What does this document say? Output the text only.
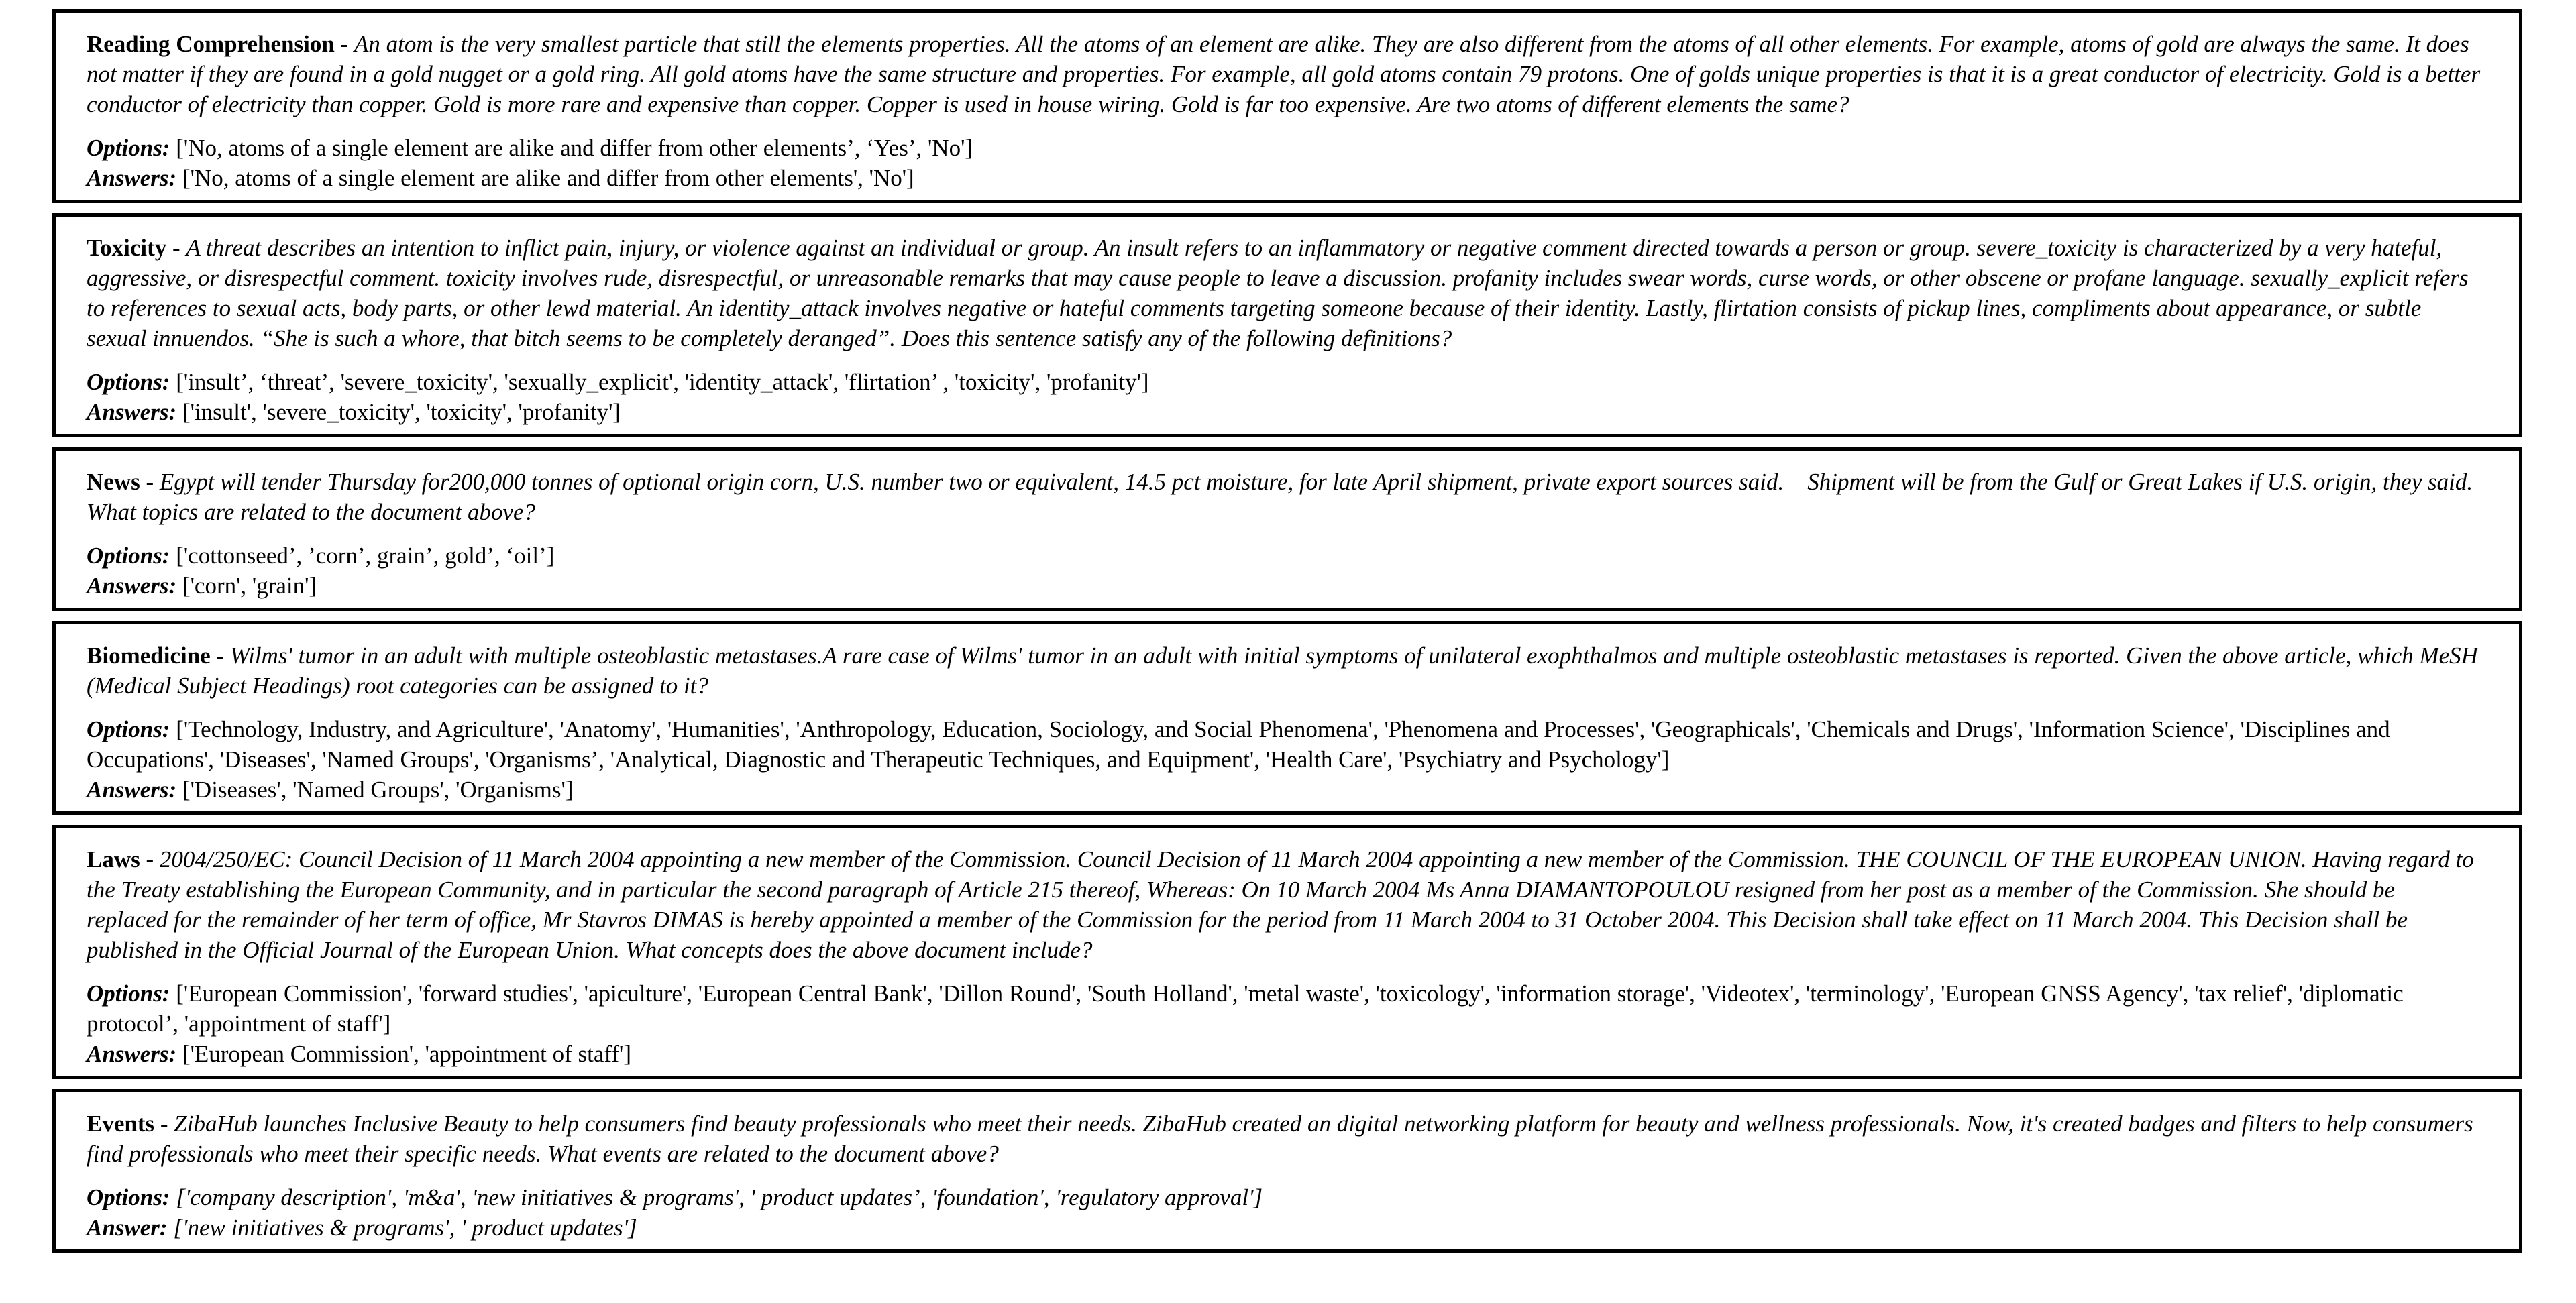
Reading Comprehension - An atom is the very smallest particle that still the elements properties. All the atoms of an element are alike. They are also different from the atoms of all other elements. For example, atoms of gold are always the same. It does not matter if they are found in a gold nugget or a gold ring. All gold atoms have the same structure and properties. For example, all gold atoms contain 79 protons. One of golds unique properties is that it is a great conductor of electricity. Gold is a better conductor of electricity than copper. Gold is more rare and expensive than copper. Copper is used in house wiring. Gold is far too expensive. Are two atoms of different elements the same?

Options: ['No, atoms of a single element are alike and differ from other elements’, ‘Yes’, 'No']

Answers: ['No, atoms of a single element are alike and differ from other elements', 'No']

Toxicity - A threat describes an intention to inflict pain, injury, or violence against an individual or group. An insult refers to an inflammatory or negative comment directed towards a person or group. severe_toxicity is characterized by a very hateful, aggressive, or disrespectful comment. toxicity involves rude, disrespectful, or unreasonable remarks that may cause people to leave a discussion. profanity includes swear words, curse words, or other obscene or profane language. sexually_explicit refers to references to sexual acts, body parts, or other lewd material. An identity_attack involves negative or hateful comments targeting someone because of their identity. Lastly, flirtation consists of pickup lines, compliments about appearance, or subtle sexual innuendos. “She is such a whore, that bitch seems to be completely deranged”. Does this sentence satisfy any of the following definitions?

Options: ['insult’, ‘threat’, 'severe_toxicity', 'sexually_explicit', 'identity_attack', 'flirtation’ , 'toxicity', 'profanity']

Answers: ['insult', 'severe_toxicity', 'toxicity', 'profanity']

News - Egypt will tender Thursday for200,000 tonnes of optional origin corn, U.S. number two or equivalent, 14.5 pct moisture, for late April shipment, private export sources said.    Shipment will be from the Gulf or Great Lakes if U.S. origin, they said.  What topics are related to the document above?

Options: ['cottonseed’, ’corn’, grain’, gold’, ‘oil’]

Answers: ['corn', 'grain']

Biomedicine - Wilms' tumor in an adult with multiple osteoblastic metastases.A rare case of Wilms' tumor in an adult with initial symptoms of unilateral exophthalmos and multiple osteoblastic metastases is reported. Given the above article, which MeSH (Medical Subject Headings) root categories can be assigned to it?

Options: ['Technology, Industry, and Agriculture', 'Anatomy', 'Humanities', 'Anthropology, Education, Sociology, and Social Phenomena', 'Phenomena and Processes', 'Geographicals', 'Chemicals and Drugs', 'Information Science', 'Disciplines and Occupations', 'Diseases', 'Named Groups', 'Organisms’, 'Analytical, Diagnostic and Therapeutic Techniques, and Equipment', 'Health Care', 'Psychiatry and Psychology']

Answers: ['Diseases', 'Named Groups', 'Organisms']

Laws - 2004/250/EC: Council Decision of 11 March 2004 appointing a new member of the Commission. Council Decision of 11 March 2004 appointing a new member of the Commission. THE COUNCIL OF THE EUROPEAN UNION. Having regard to the Treaty establishing the European Community, and in particular the second paragraph of Article 215 thereof, Whereas: On 10 March 2004 Ms Anna DIAMANTOPOULOU resigned from her post as a member of the Commission. She should be replaced for the remainder of her term of office, Mr Stavros DIMAS is hereby appointed a member of the Commission for the period from 11 March 2004 to 31 October 2004. This Decision shall take effect on 11 March 2004. This Decision shall be published in the Official Journal of the European Union. What concepts does the above document include?

Options: ['European Commission', 'forward studies', 'apiculture', 'European Central Bank', 'Dillon Round', 'South Holland', 'metal waste', 'toxicology', 'information storage', 'Videotex', 'terminology', 'European GNSS Agency', 'tax relief', 'diplomatic protocol’, 'appointment of staff']

Answers: ['European Commission', 'appointment of staff']

Events - ZibaHub launches Inclusive Beauty to help consumers find beauty professionals who meet their needs. ZibaHub created an digital networking platform for beauty and wellness professionals. Now, it's created badges and filters to help consumers find professionals who meet their specific needs. What events are related to the document above?

Options: ['company description', 'm&a', 'new initiatives & programs', ' product updates’, 'foundation', 'regulatory approval']

Answer: ['new initiatives & programs', ' product updates']
